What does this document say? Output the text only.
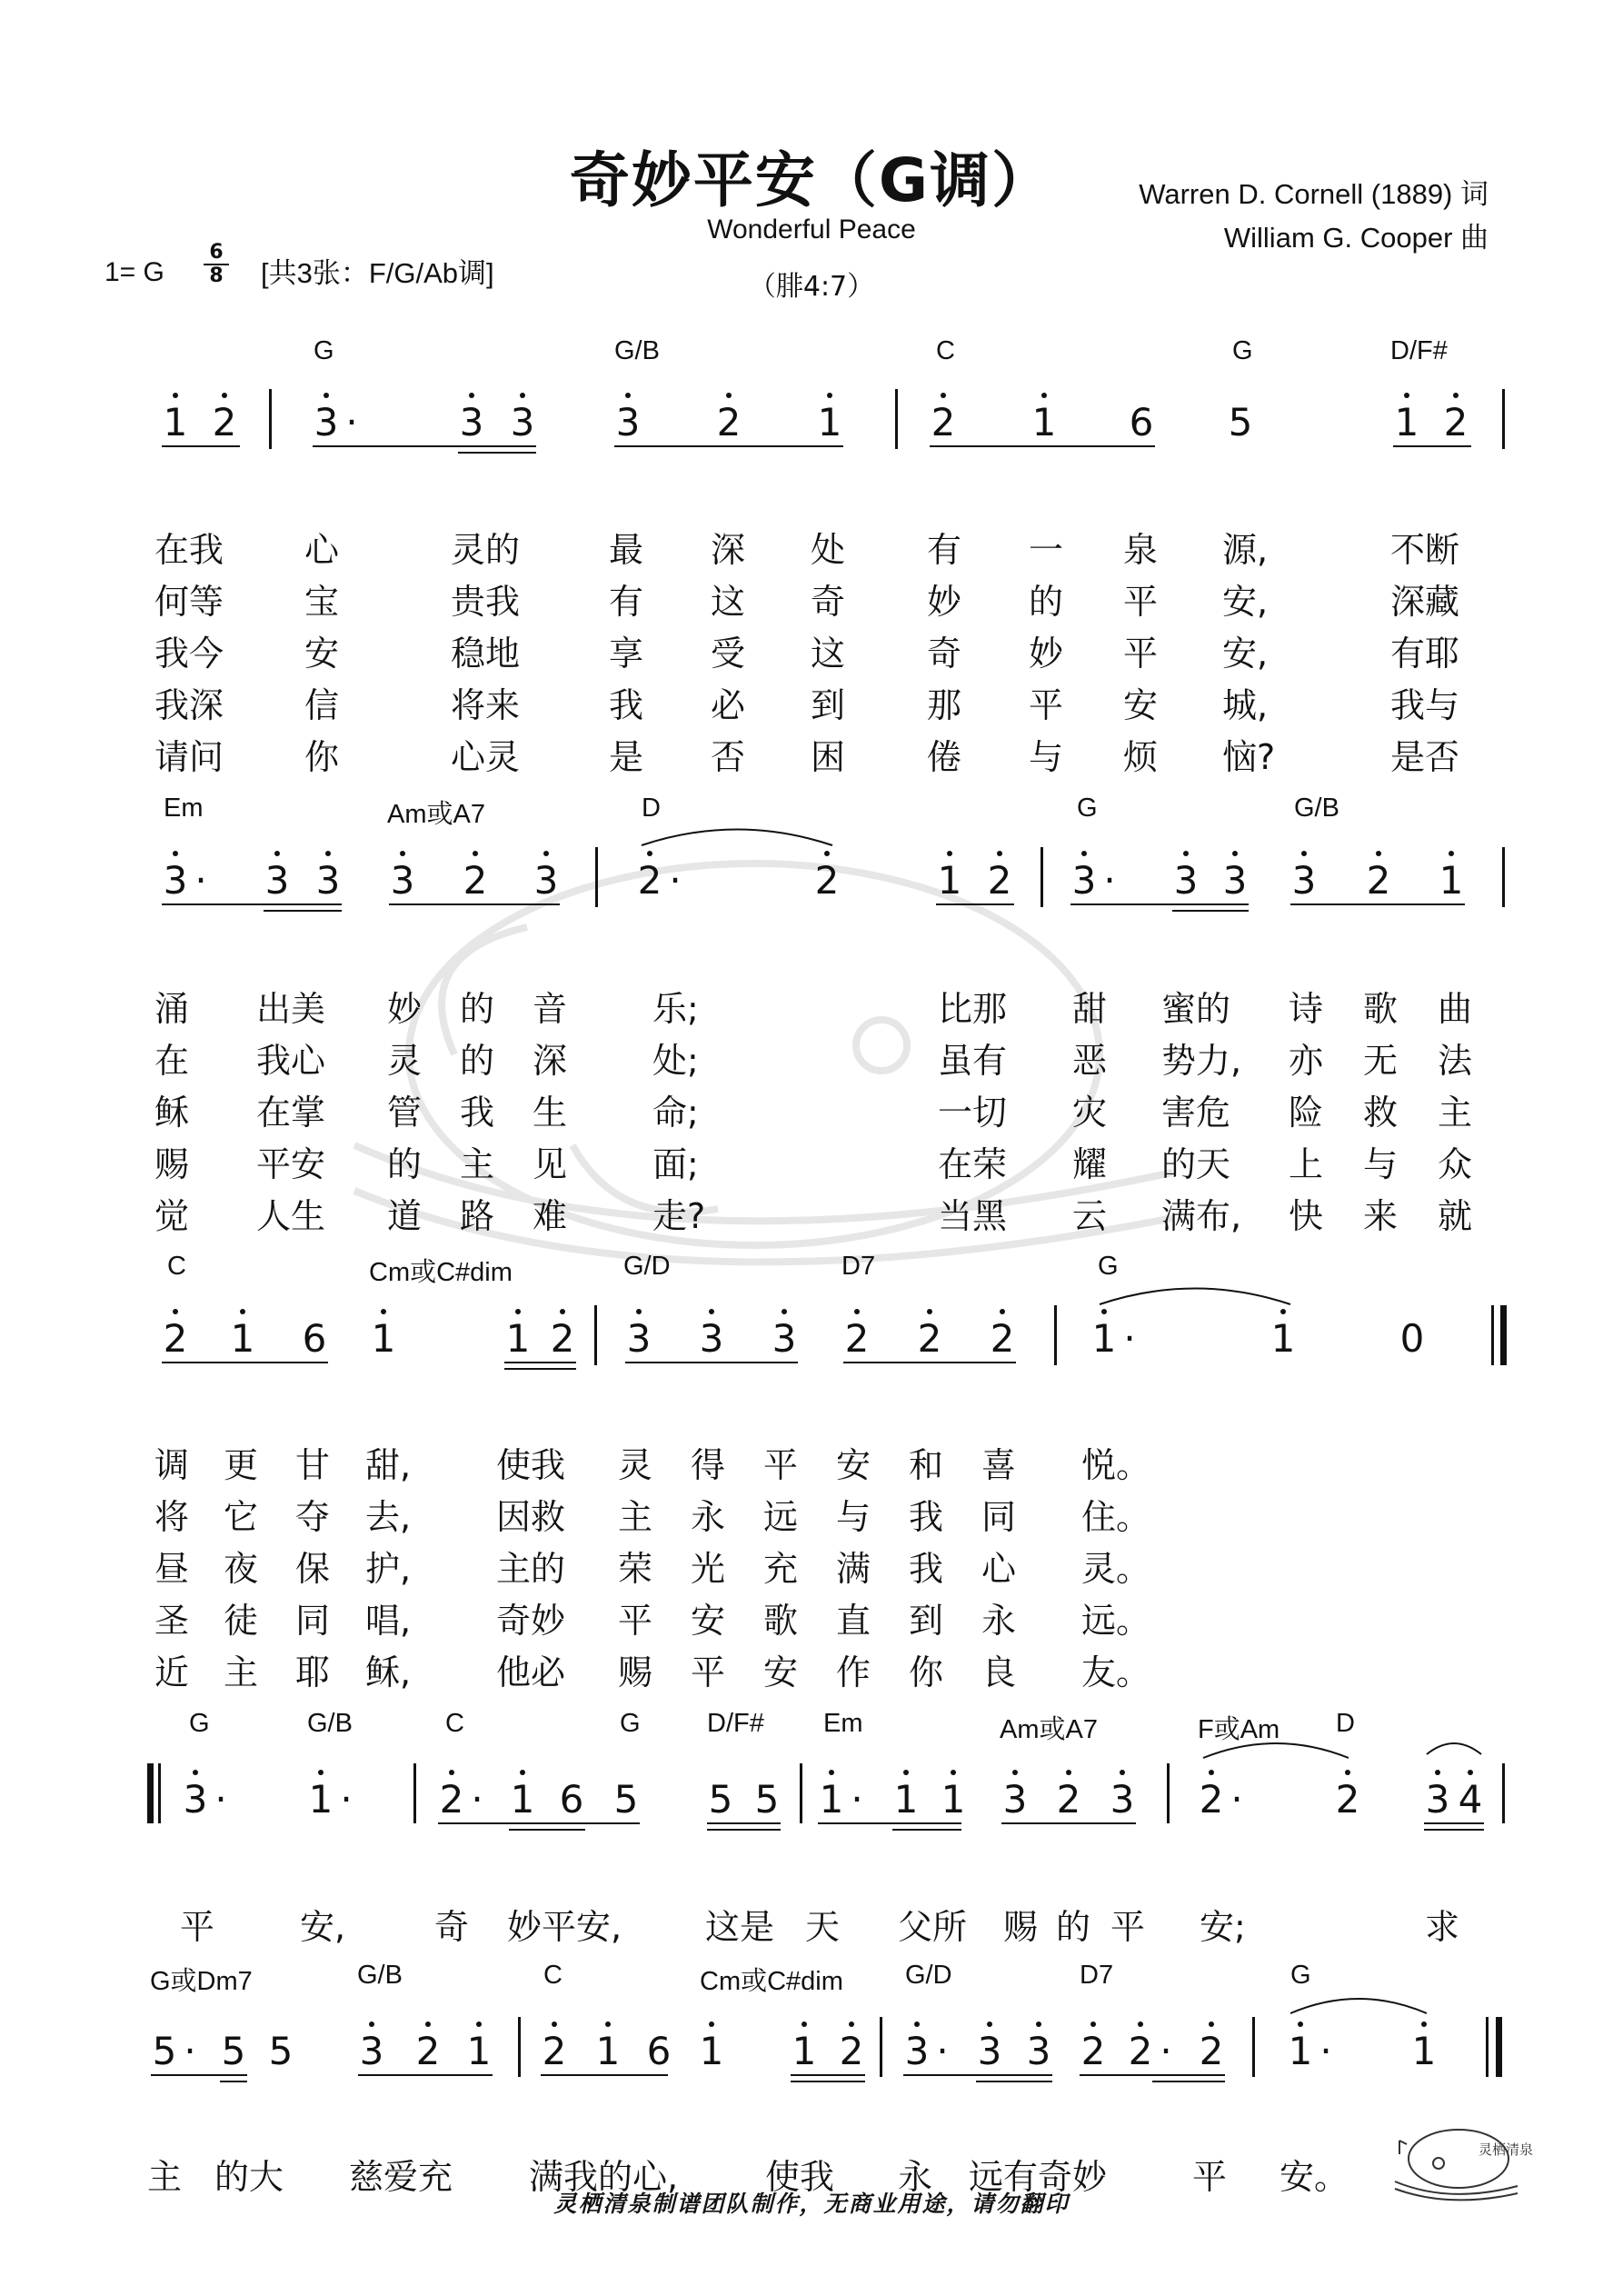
奇妙平安（G调）
Wonderful Peace
（腓4:7）
Warren D. Cornell (1889) 词
William G. Cooper 曲
1= G $\frac{6}{8}$ [共3张：F/G/Ab调]
G	G/B	C	G	D/F#
1 2 3 ·	3 3 3 2 1 2 1 6 5	1 2

在我 心	灵的	最 深 处 有 一 泉 源,	不断

何等 宝	贵我	有 这 奇 妙 的 平 安,	深藏

我今 安	稳地	享 受 这 奇 妙 平 安,	有耶

我深 信	将来	我 必 到 那 平 安 城,	我与

请问 你	心灵	是 否 困 倦 与 烦 恼?	是否

Em	Am或A7	D	G	G/B
3 · 3 3 3 2 3 2 ·	2	1 2 3 · 3 3 3 2 1

涌 出美 妙 的 音 乐;	比那 甜 蜜的 诗 歌 曲

在 我心 灵 的 深 处;	虽有 恶 势力, 亦 无 法

稣 在掌 管 我 生 命;	一切 灾 害危 险 救 主

赐 平安 的 主 见 面;	在荣 耀 的天 上 与 众

觉 人生 道 路 难 走?	当黑 云 满布, 快 来 就

C	Cm或C#dim	G/D	D7	G
2 1 6 1	1 2 3 3 3 2 2 2 1 ·	1	0

调 更 甘 甜, 使我 灵 得 平 安 和 喜 悦。

将 它 夺 去, 因救 主 永 远 与 我 同 住。

昼 夜 保 护, 主的 荣 光 充 满 我 心 灵。

圣 徒 同 唱, 奇妙 平 安 歌 直 到 永 远。

近 主 耶 稣, 他必 赐 平 安 作 你 良 友。

G	G/B	C	G	D/F# Em	Am或A7	F或Am D
3 · 1 · 2 · 1 6 5 5 5 1 · 1 1 3 2 3 2 · 2 3 4

平 安,	奇 妙平安, 这是 天 父所 赐 的 平 安;	求

G或Dm7	G/B	C	Cm或C#dim G/D	D7	G
5 · 5 5 3 2 1 2 1 6 1 1 2 3 · 3 3 2 2 · 2 1 · 1

主 的大 慈爱充 满我的心,	使我 永 远有奇妙 平 安。

灵栖清泉制谱团队制作，无商业用途，请勿翻印
灵栖清泉
